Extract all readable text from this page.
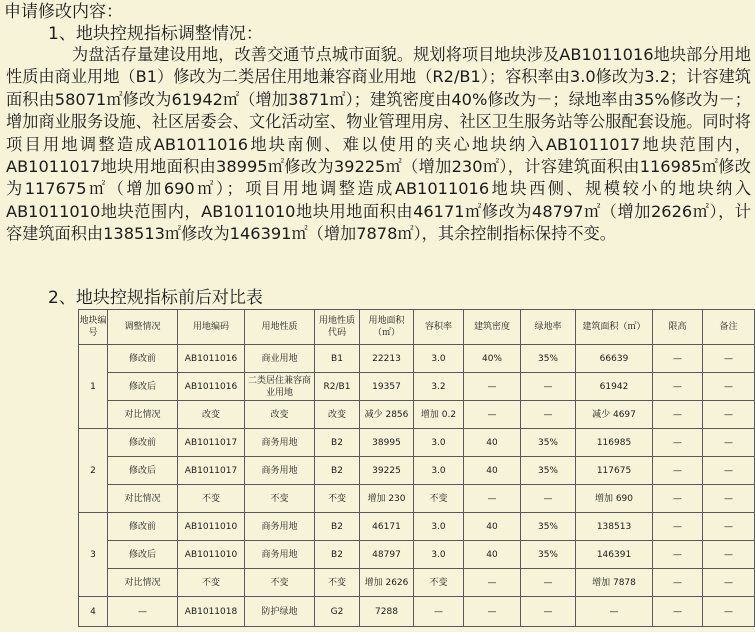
申请修改内容：
1、地块控规指标调整情况：
为盘活存量建设用地，改善交通节点城市面貌。规划将项目地块涉及AB1011016地块部分用地性质由商业用地（B1）修改为二类居住用地兼容商业用地（R2/B1）；容积率由3.0修改为3.2；计容建筑面积由58071㎡修改为61942㎡（增加3871㎡）；建筑密度由40%修改为－；绿地率由35%修改为－；增加商业服务设施、社区居委会、文化活动室、物业管理用房、社区卫生服务站等公服配套设施。同时将项目用地调整造成AB1011016地块南侧、难以使用的夹心地块纳入AB1011017地块范围内，AB1011017地块用地面积由38995㎡修改为39225㎡（增加230㎡），计容建筑面积由116985㎡修改为117675㎡（增加690㎡）；项目用地调整造成AB1011016地块西侧、规模较小的地块纳入AB1011010地块范围内，AB1011010地块用地面积由46171㎡修改为48797㎡（增加2626㎡），计容建筑面积由138513㎡修改为146391㎡（增加7878㎡），其余控制指标保持不变。
2、地块控规指标前后对比表
地块编号	调整情况	用地编码	用地性质	用地性质代码	用地面积（㎡）	容积率	建筑密度	绿地率	建筑面积（㎡）	限高	备注
1	修改前	AB1011016	商业用地	B1	22213	3.0	40%	35%	66639	—	—
	修改后	AB1011016	二类居住兼容商业用地	R2/B1	19357	3.2	—	—	61942	—	—
	对比情况	改变	改变	改变	减少 2856	增加 0.2	—	—	减少 4697	—	—
2	修改前	AB1011017	商务用地	B2	38995	3.0	40	35%	116985	—	—
	修改后	AB1011017	商务用地	B2	39225	3.0	40	35%	117675	—	—
	对比情况	不变	不变	不变	增加 230	不变	—	—	增加 690	—	—
3	修改前	AB1011010	商务用地	B2	46171	3.0	40	35%	138513	—	—
	修改后	AB1011010	商务用地	B2	48797	3.0	40	35%	146391	—	—
	对比情况	不变	不变	不变	增加 2626	不变	—	—	增加 7878	—	—
4	—	AB1011018	防护绿地	G2	7288	—	—	—	—	—	—
